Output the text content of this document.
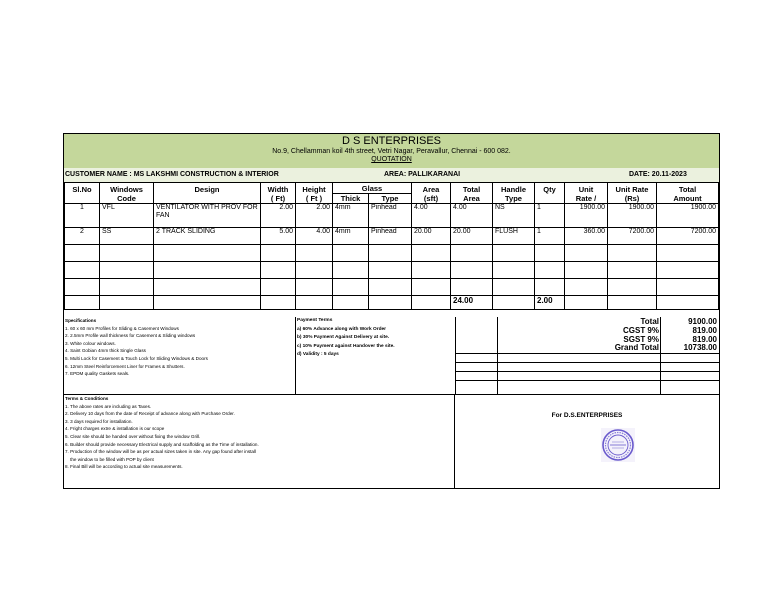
D S ENTERPRISES
No.9, Chellamman koil 4th street, Vetri Nagar, Peravallur, Chennai - 600 082.
QUOTATION
CUSTOMER NAME : MS LAKSHMI CONSTRUCTION & INTERIOR	AREA: PALLIKARANAI	DATE: 20.11-2023
Sl.No	Windows	Design	Width	Height	Glass		Area	Total	Handle	Qty	Unit	Unit Rate	Total
	Code		( Ft)	( Ft )	Thick	Type	(sft)	Area	Type		Rate /	(Rs)	Amount
1	VFL	VENTILATOR WITH PROV FOR FAN	2.00	2.00	4mm	Pinhead	4.00	4.00	NS	1	1900.00	1900.00	1900.00
2	SS	2 TRACK SLIDING	5.00	4.00	4mm	Pinhead	20.00	20.00	FLUSH	1	360.00	7200.00	7200.00

								24.00		2.00			
Specifications
1. 60 x 60 mm Profiles for Sliding & Casement Windows
2. 2.5mm Profile wall thickness for Casement & Sliding windows
3. White colour windows.
4. Saint Gobian 4mm thick Single Glass
5. Multi Lock for Casement & Touch Lock for Sliding Windows & Doors
6. 12mm Steel Reinforcement Liner for Frames & Shutters.
7. EPDM quality Gaskets seals.
Payment Terms
a) 60% Advance along with Work Order
b) 30% Payment Against Delivery at site.
c) 10% Payment against Handover the site.
d) Validity : 5 days
Total	9100.00
CGST 9%	819.00
SGST 9%	819.00
Grand Total	10738.00
Terms & Conditions
1. The above rates are including as Taxes.
2. Delivery 10 days from the date of Receipt of advance along with Purchase Order.
3. 3 days required for installation.
4. Fright charges extre & installation is our scope
5. Clear site should be handed over without fixing the window Grill.
6. Builder should provide necessary Electrical supply and scaffolding as the Time of installation.
7. Production of the window will be as per actual sizes taken in site. Any gap found after install
the window to be filled with POP by client
8. Final Bill will be according to actual site measurements.
For D.S.ENTERPRISES
